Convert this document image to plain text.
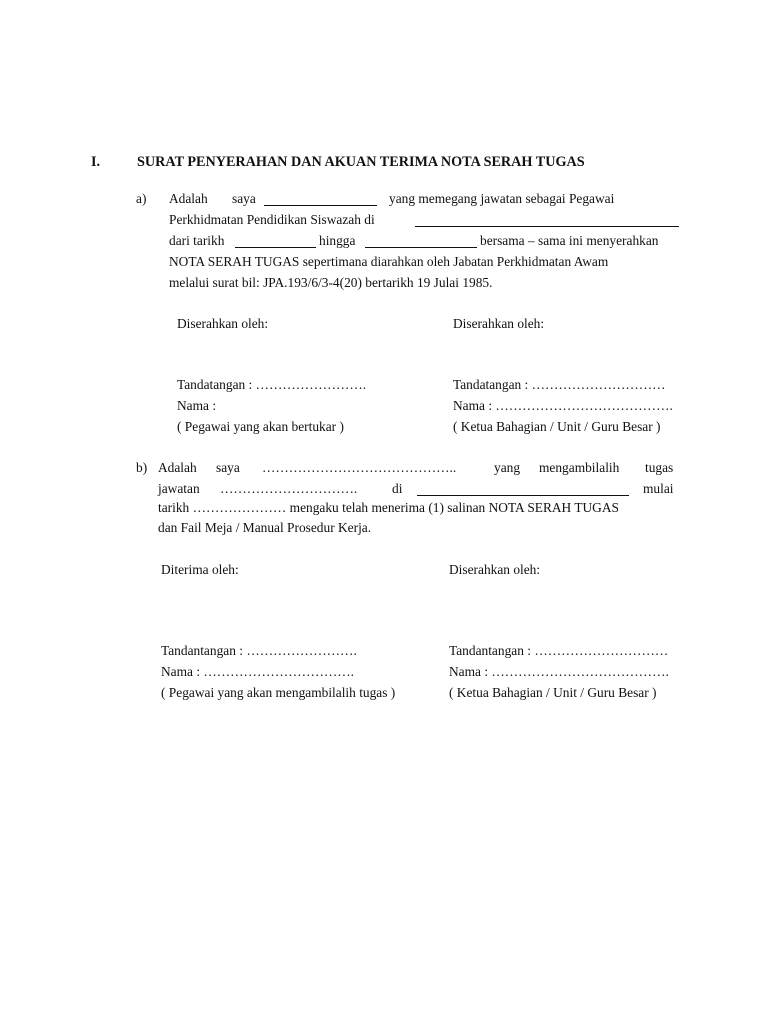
I.	SURAT PENYERAHAN DAN AKUAN TERIMA NOTA SERAH TUGAS
a) Adalah saya	yang memegang jawatan sebagai Pegawai
Perkhidmatan Pendidikan Siswazah di
dari tarikh	hingga	bersama – sama ini menyerahkan
NOTA SERAH TUGAS sepertimana diarahkan oleh Jabatan Perkhidmatan Awam
melalui surat bil: JPA.193/6/3-4(20) bertarikh 19 Julai 1985.
Diserahkan oleh:	Diserahkan oleh:
Tandatangan : …………………….	Tandatangan : …………………………
Nama :	Nama : ………………………………….
( Pegawai yang akan bertukar )	( Ketua Bahagian / Unit / Guru Besar )
b) Adalah saya ……………………………………..	yang mengambilalih tugas
jawatan ………………………….	di	mulai
tarikh ………………… mengaku telah menerima (1) salinan NOTA SERAH TUGAS
dan Fail Meja / Manual Prosedur Kerja.
Diterima oleh:	Diserahkan oleh:
Tandantangan : …………………….	Tandantangan : …………………………
Nama : …………………………….	Nama : ………………………………….
( Pegawai yang akan mengambilalih tugas )	( Ketua Bahagian / Unit / Guru Besar )
